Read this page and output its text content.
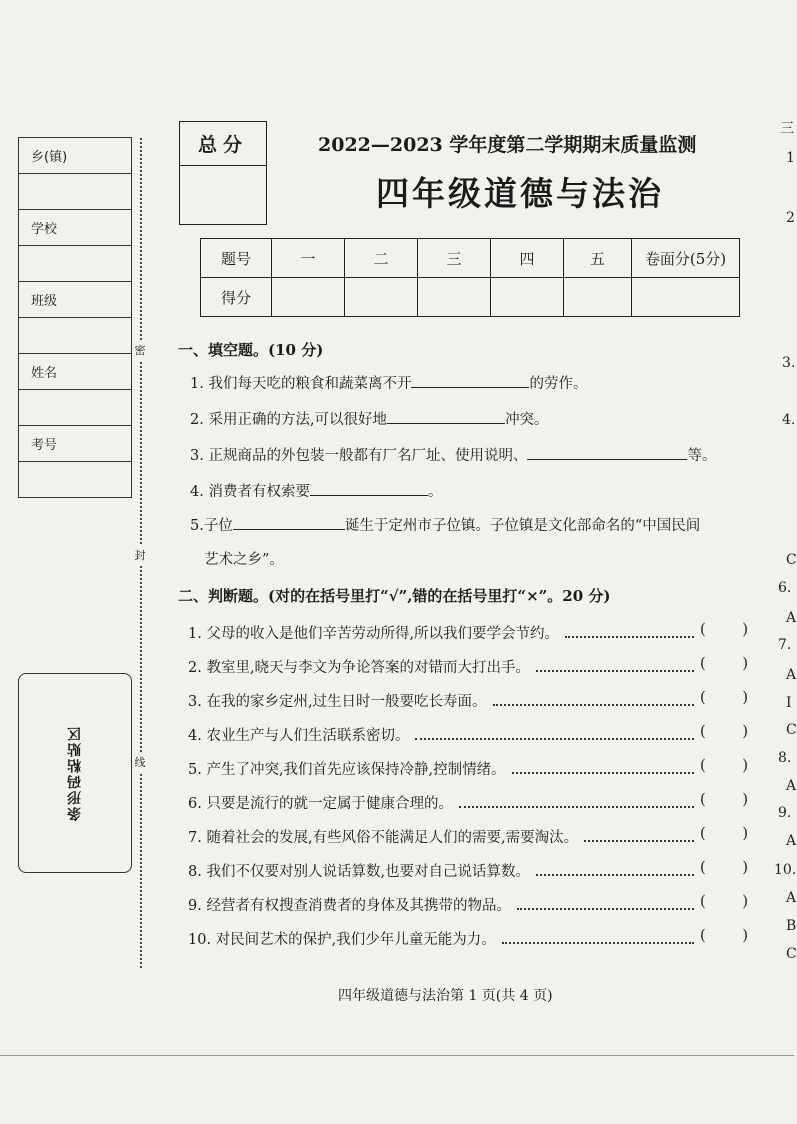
乡(镇)

学校

班级

姓名

考号

条形码粘贴区
密
封
线
总分	2022—2023 学年度第二学期期末质量监测
四年级道德与法治
题号	一	二	三	四	五	卷面分(5分)
得分						
一、填空题。(10 分)
1. 我们每天吃的粮食和蔬菜离不开	的劳作。
2. 采用正确的方法,可以很好地	冲突。
3. 正规商品的外包装一般都有厂名厂址、使用说明、	等。
4. 消费者有权索要	。
5.子位	诞生于定州市子位镇。子位镇是文化部命名的“中国民间
艺术之乡”。
二、判断题。(对的在括号里打“√”,错的在括号里打“×”。20 分)
1. 父母的收入是他们辛苦劳动所得,所以我们要学会节约。	(	)
2. 教室里,晓天与李文为争论答案的对错而大打出手。	(	)
3. 在我的家乡定州,过生日时一般要吃长寿面。	(	)
4. 农业生产与人们生活联系密切。	(	)
5. 产生了冲突,我们首先应该保持冷静,控制情绪。	(	)
6. 只要是流行的就一定属于健康合理的。	(	)
7. 随着社会的发展,有些风俗不能满足人们的需要,需要淘汰。	(	)
8. 我们不仅要对别人说话算数,也要对自己说话算数。	(	)
9. 经营者有权搜查消费者的身体及其携带的物品。	(	)
10. 对民间艺术的保护,我们少年儿童无能为力。	(	)
四年级道德与法治第 1 页(共 4 页)
三
1
2
3.
4.
C
6.
A
7.
A
I
C
8.
A
9.
A
10.
A
B
C
